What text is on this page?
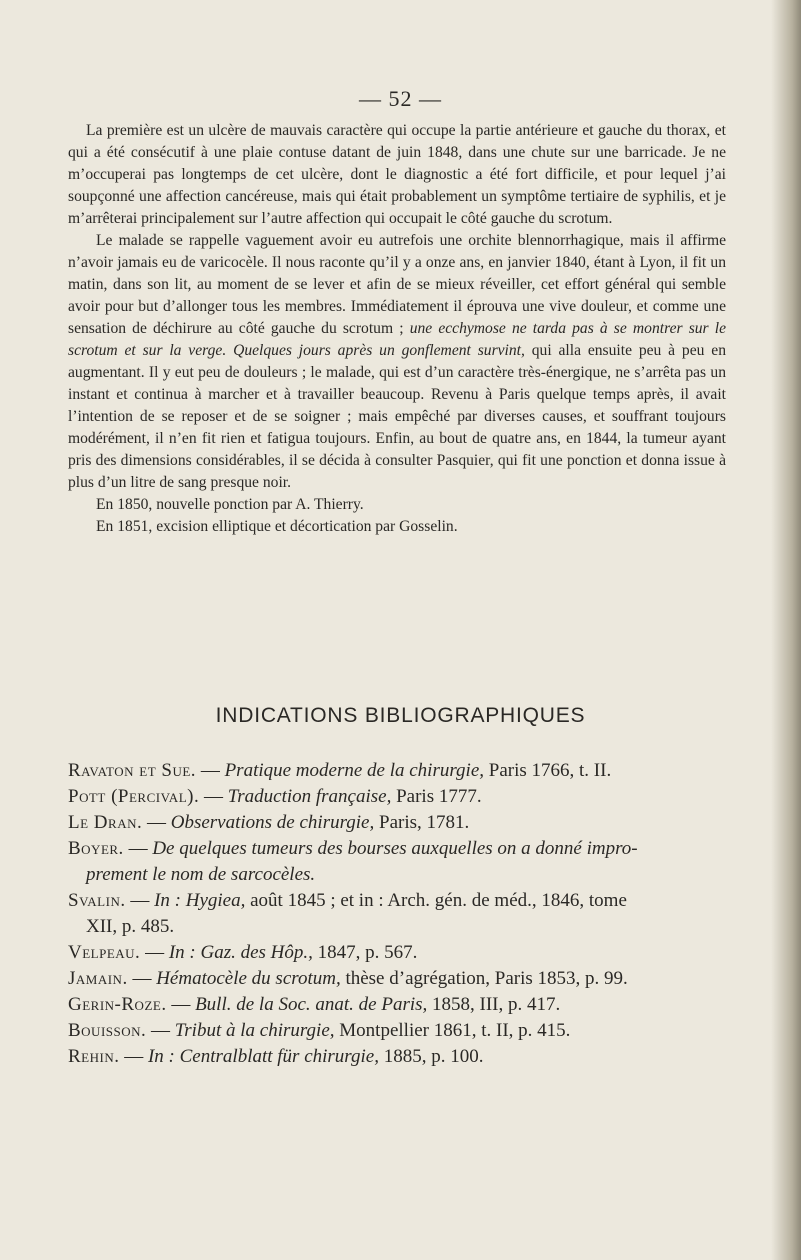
— 52 —

La première est un ulcère de mauvais caractère qui occupe la partie antérieure et gauche du thorax, et qui a été consécutif à une plaie contuse datant de juin 1848, dans une chute sur une barricade. Je ne m’occuperai pas longtemps de cet ulcère, dont le diagnostic a été fort difficile, et pour lequel j’ai soupçonné une affection cancéreuse, mais qui était probablement un symptôme tertiaire de syphilis, et je m’arrêterai principalement sur l’autre affection qui occupait le côté gauche du scrotum.

Le malade se rappelle vaguement avoir eu autrefois une orchite blennorrhagique, mais il affirme n’avoir jamais eu de varicocèle. Il nous raconte qu’il y a onze ans, en janvier 1840, étant à Lyon, il fit un matin, dans son lit, au moment de se lever et afin de se mieux réveiller, cet effort général qui semble avoir pour but d’allonger tous les membres. Immédiatement il éprouva une vive douleur, et comme une sensation de déchirure au côté gauche du scrotum ; une ecchymose ne tarda pas à se montrer sur le scrotum et sur la verge. Quelques jours après un gonflement survint, qui alla ensuite peu à peu en augmentant. Il y eut peu de douleurs ; le malade, qui est d’un caractère très-énergique, ne s’arrêta pas un instant et continua à marcher et à travailler beaucoup. Revenu à Paris quelque temps après, il avait l’intention de se reposer et de se soigner ; mais empêché par diverses causes, et souffrant toujours modérément, il n’en fit rien et fatigua toujours. Enfin, au bout de quatre ans, en 1844, la tumeur ayant pris des dimensions considérables, il se décida à consulter Pasquier, qui fit une ponction et donna issue à plus d’un litre de sang presque noir.

En 1850, nouvelle ponction par A. Thierry.

En 1851, excision elliptique et décortication par Gosselin.

INDICATIONS BIBLIOGRAPHIQUES
Ravaton et Sue. — Pratique moderne de la chirurgie, Paris 1766, t. II.
Pott (Percival). — Traduction française, Paris 1777.
Le Dran. — Observations de chirurgie, Paris, 1781.
Boyer. — De quelques tumeurs des bourses auxquelles on a donné impro-
prement le nom de sarcocèles.
Svalin. — In : Hygiea, août 1845 ; et in : Arch. gén. de méd., 1846, tome
XII, p. 485.
Velpeau. — In : Gaz. des Hôp., 1847, p. 567.
Jamain. — Hématocèle du scrotum, thèse d’agrégation, Paris 1853, p. 99.
Gerin-Roze. — Bull. de la Soc. anat. de Paris, 1858, III, p. 417.
Bouisson. — Tribut à la chirurgie, Montpellier 1861, t. II, p. 415.
Rehin. — In : Centralblatt für chirurgie, 1885, p. 100.
